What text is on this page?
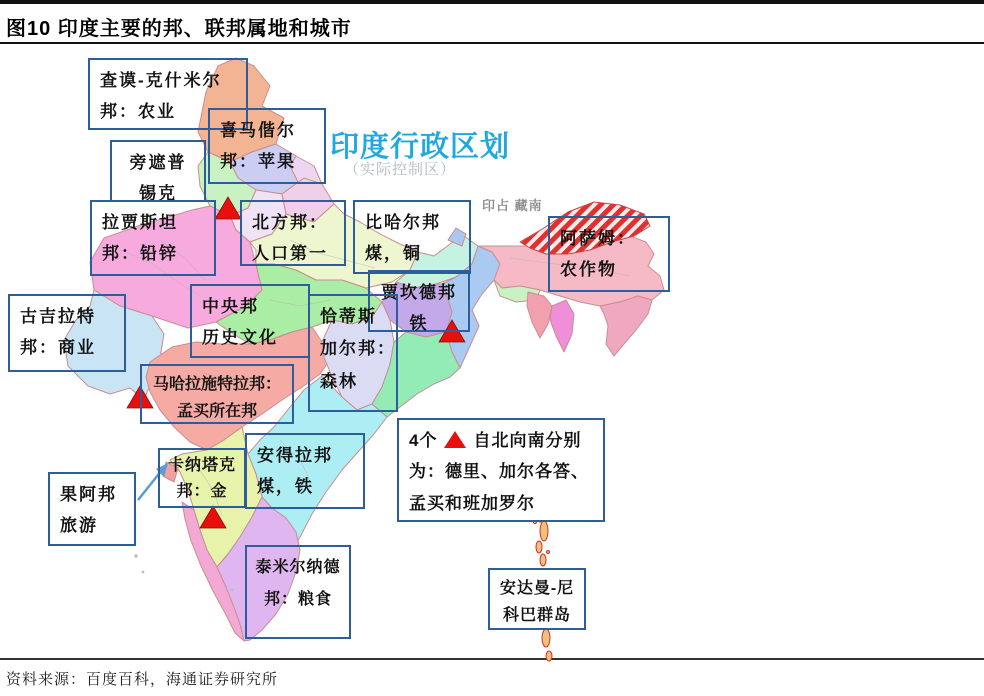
图10 印度主要的邦、联邦属地和城市
印度行政区划
（实际控制区）
印占 藏南
查谟-克什米尔
邦：农业
喜马偕尔
邦：苹果
旁遮普
锡克
拉贾斯坦
邦：铅锌
北方邦：
人口第一
比哈尔邦
煤，铜
阿萨姆：
农作物
贾坎德邦
铁
中央邦
历史文化
恰蒂斯
加尔邦：
森林
古吉拉特
邦：商业
马哈拉施特拉邦：
孟买所在邦
果阿邦
旅游
卡纳塔克
邦：金
安得拉邦
煤，铁
泰米尔纳德
邦：粮食
安达曼-尼
科巴群岛
4个 自北向南分别
为：德里、加尔各答、
孟买和班加罗尔
资料来源：百度百科，海通证券研究所
